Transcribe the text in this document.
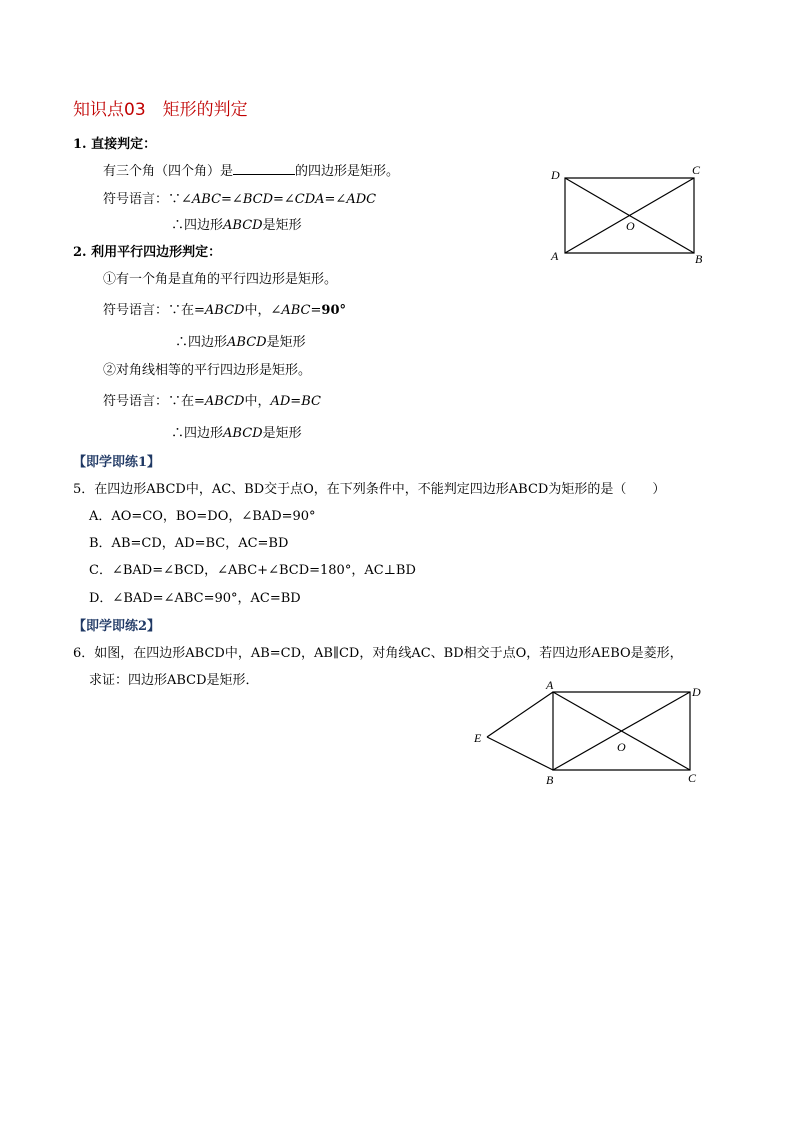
知识点03　矩形的判定
1. 直接判定：
有三个角（四个角）是	的四边形是矩形。
符号语言：∵∠ABC=∠BCD=∠CDA=∠ADC
∴四边形ABCD是矩形
2. 利用平行四边形判定：
①有一个角是直角的平行四边形是矩形。
符号语言：∵在=ABCD中，∠ABC=90°
∴四边形ABCD是矩形
②对角线相等的平行四边形是矩形。
符号语言：∵在=ABCD中，AD=BC
∴四边形ABCD是矩形
【即学即练1】
5．在四边形ABCD中，AC、BD交于点O，在下列条件中，不能判定四边形ABCD为矩形的是（　　）
A．AO=CO，BO=DO，∠BAD=90°
B．AB=CD，AD=BC，AC=BD
C．∠BAD=∠BCD，∠ABC+∠BCD=180°，AC⊥BD
D．∠BAD=∠ABC=90°，AC=BD
【即学即练2】
6．如图，在四边形ABCD中，AB=CD，AB∥CD，对角线AC、BD相交于点O，若四边形AEBO是菱形，
求证：四边形ABCD是矩形．
D	C
O
A	B
A	D
E
O
B	C
